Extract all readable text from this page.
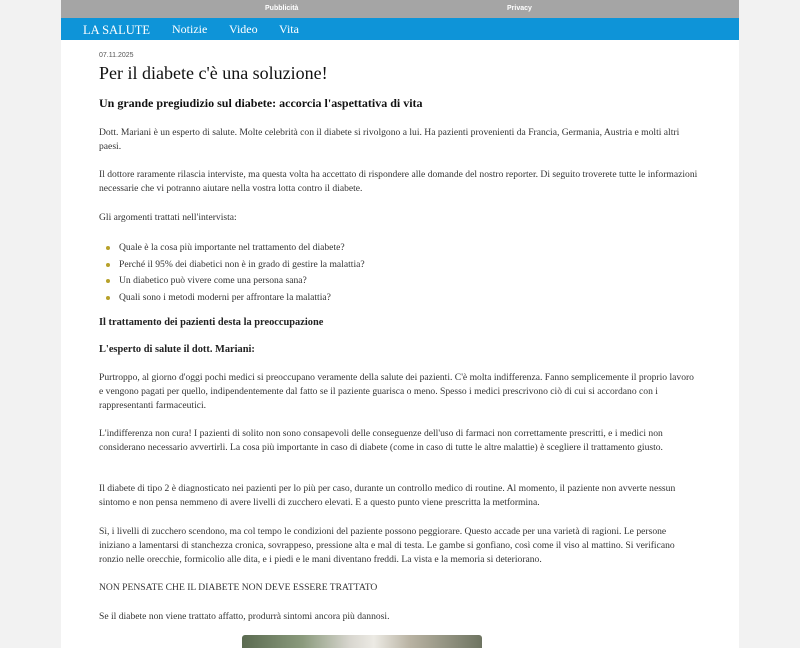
Pubblicità	Privacy
LA SALUTE Notizie Video Vita
07.11.2025
Per il diabete c'è una soluzione!
Un grande pregiudizio sul diabete: accorcia l'aspettativa di vita

Dott. Mariani è un esperto di salute. Molte celebrità con il diabete si rivolgono a lui. Ha pazienti provenienti da Francia, Germania, Austria e molti altri paesi.

Il dottore raramente rilascia interviste, ma questa volta ha accettato di rispondere alle domande del nostro reporter. Di seguito troverete tutte le informazioni necessarie che vi potranno aiutare nella vostra lotta contro il diabete.

Gli argomenti trattati nell'intervista:

Quale è la cosa più importante nel trattamento del diabete?
Perché il 95% dei diabetici non è in grado di gestire la malattia?
Un diabetico può vivere come una persona sana?
Quali sono i metodi moderni per affrontare la malattia?

Il trattamento dei pazienti desta la preoccupazione

L'esperto di salute il dott. Mariani:

Purtroppo, al giorno d'oggi pochi medici si preoccupano veramente della salute dei pazienti. C'è molta indifferenza. Fanno semplicemente il proprio lavoro e vengono pagati per quello, indipendentemente dal fatto se il paziente guarisca o meno. Spesso i medici prescrivono ciò di cui si accordano con i rappresentanti farmaceutici.

L'indifferenza non cura! I pazienti di solito non sono consapevoli delle conseguenze dell'uso di farmaci non correttamente prescritti, e i medici non considerano necessario avvertirli. La cosa più importante in caso di diabete (come in caso di tutte le altre malattie) è scegliere il trattamento giusto.

Il diabete di tipo 2 è diagnosticato nei pazienti per lo più per caso, durante un controllo medico di routine. Al momento, il paziente non avverte nessun sintomo e non pensa nemmeno di avere livelli di zucchero elevati. E a questo punto viene prescritta la metformina.

Sì, i livelli di zucchero scendono, ma col tempo le condizioni del paziente possono peggiorare. Questo accade per una varietà di ragioni. Le persone iniziano a lamentarsi di stanchezza cronica, sovrappeso, pressione alta e mal di testa. Le gambe si gonfiano, così come il viso al mattino. Si verificano ronzio nelle orecchie, formicolio alle dita, e i piedi e le mani diventano freddi. La vista e la memoria si deteriorano.

NON PENSATE CHE IL DIABETE NON DEVE ESSERE TRATTATO

Se il diabete non viene trattato affatto, produrrà sintomi ancora più dannosi.
